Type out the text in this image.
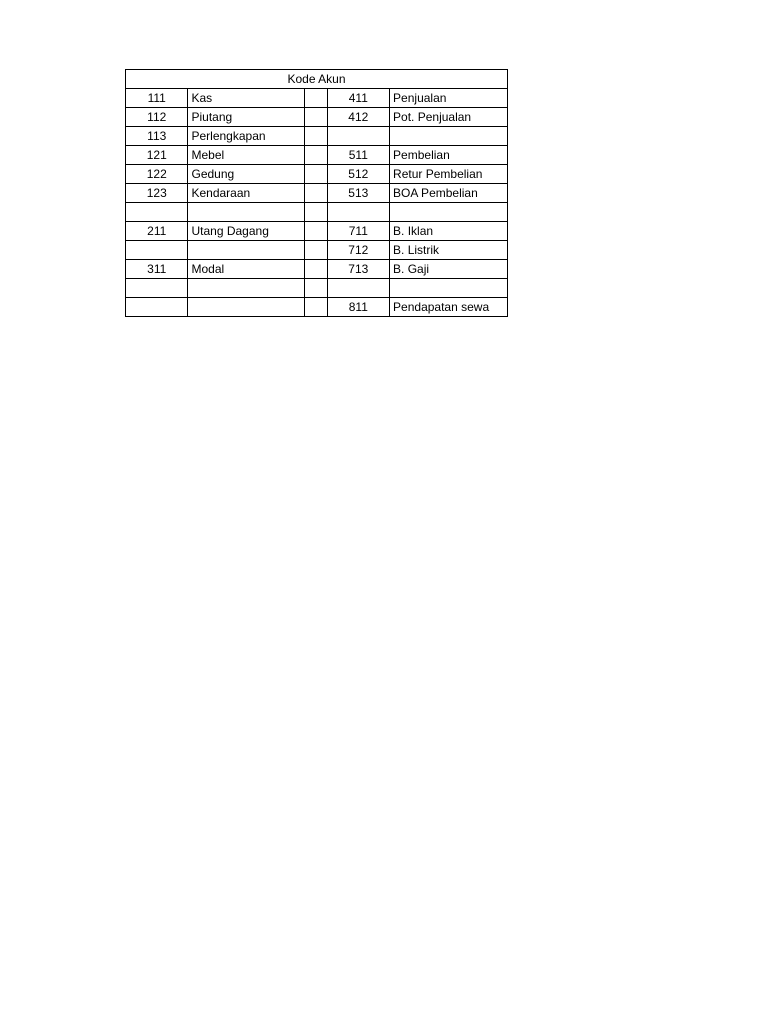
Kode Akun				
111	Kas		411	Penjualan
112	Piutang		412	Pot. Penjualan
113	Perlengkapan			
121	Mebel		511	Pembelian
122	Gedung		512	Retur Pembelian
123	Kendaraan		513	BOA Pembelian

211	Utang Dagang		711	B. Iklan
			712	B. Listrik
311	Modal		713	B. Gaji

			811	Pendapatan sewa
